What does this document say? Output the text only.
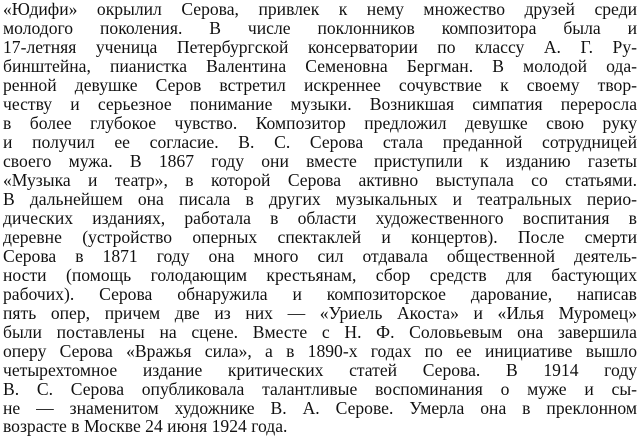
«Юдифи» окрылил Серова, привлек к нему множество друзей среди
молодого поколения. В числе поклонников композитора была и
17-летняя ученица Петербургской консерватории по классу А. Г. Ру-
бинштейна, пианистка Валентина Семеновна Бергман. В молодой ода-
ренной девушке Серов встретил искреннее сочувствие к своему твор-
честву и серьезное понимание музыки. Возникшая симпатия переросла
в более глубокое чувство. Композитор предложил девушке свою руку
и получил ее согласие. В. С. Серова стала преданной сотрудницей
своего мужа. В 1867 году они вместе приступили к изданию газеты
«Музыка и театр», в которой Серова активно выступала со статьями.
В дальнейшем она писала в других музыкальных и театральных перио-
дических изданиях, работала в области художественного воспитания в
деревне (устройство оперных спектаклей и концертов). После смерти
Серова в 1871 году она много сил отдавала общественной деятель-
ности (помощь голодающим крестьянам, сбор средств для бастующих
рабочих). Серова обнаружила и композиторское дарование, написав
пять опер, причем две из них — «Уриель Акоста» и «Илья Муромец»
были поставлены на сцене. Вместе с Н. Ф. Соловьевым она завершила
оперу Серова «Вражья сила», а в 1890-х годах по ее инициативе вышло
четырехтомное издание критических статей Серова. В 1914 году
В. С. Серова опубликовала талантливые воспоминания о муже и сы-
не — знаменитом художнике В. А. Серове. Умерла она в преклонном
возрасте в Москве 24 июня 1924 года.
